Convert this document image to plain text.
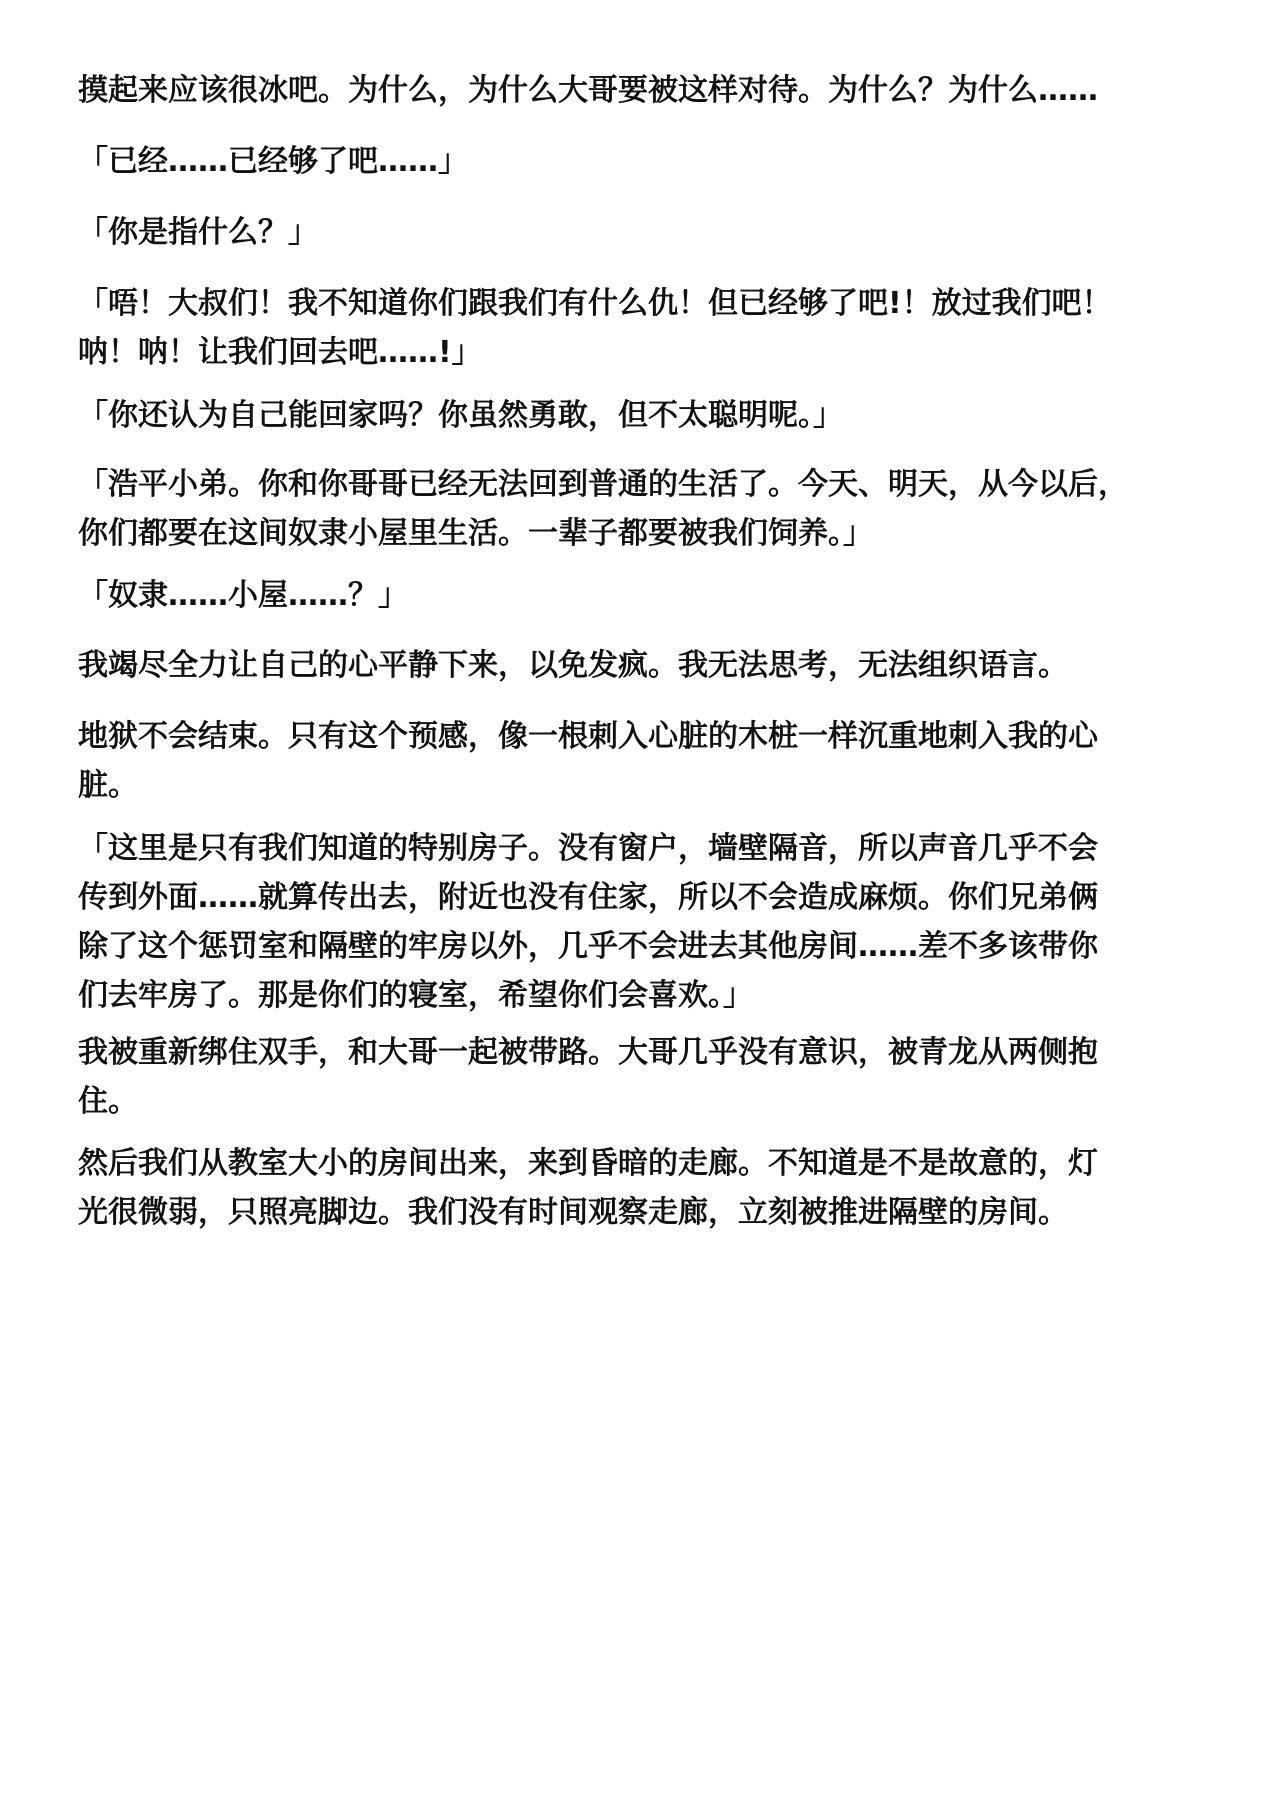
摸起来应该很冰吧。为什么，为什么大哥要被这样对待。为什么？为什么……

「已经……已经够了吧……」

「你是指什么？」

「唔！大叔们！我不知道你们跟我们有什么仇！但已经够了吧!！放过我们吧！
呐！呐！让我们回去吧……!」

「你还认为自己能回家吗？你虽然勇敢，但不太聪明呢。」

「浩平小弟。你和你哥哥已经无法回到普通的生活了。今天、明天，从今以后，
你们都要在这间奴隶小屋里生活。一辈子都要被我们饲养。」

「奴隶……小屋……？」

我竭尽全力让自己的心平静下来，以免发疯。我无法思考，无法组织语言。

地狱不会结束。只有这个预感，像一根刺入心脏的木桩一样沉重地刺入我的心
脏。

「这里是只有我们知道的特别房子。没有窗户，墙壁隔音，所以声音几乎不会
传到外面……就算传出去，附近也没有住家，所以不会造成麻烦。你们兄弟俩
除了这个惩罚室和隔壁的牢房以外，几乎不会进去其他房间……差不多该带你
们去牢房了。那是你们的寝室，希望你们会喜欢。」

我被重新绑住双手，和大哥一起被带路。大哥几乎没有意识，被青龙从两侧抱
住。

然后我们从教室大小的房间出来，来到昏暗的走廊。不知道是不是故意的，灯
光很微弱，只照亮脚边。我们没有时间观察走廊，立刻被推进隔壁的房间。
